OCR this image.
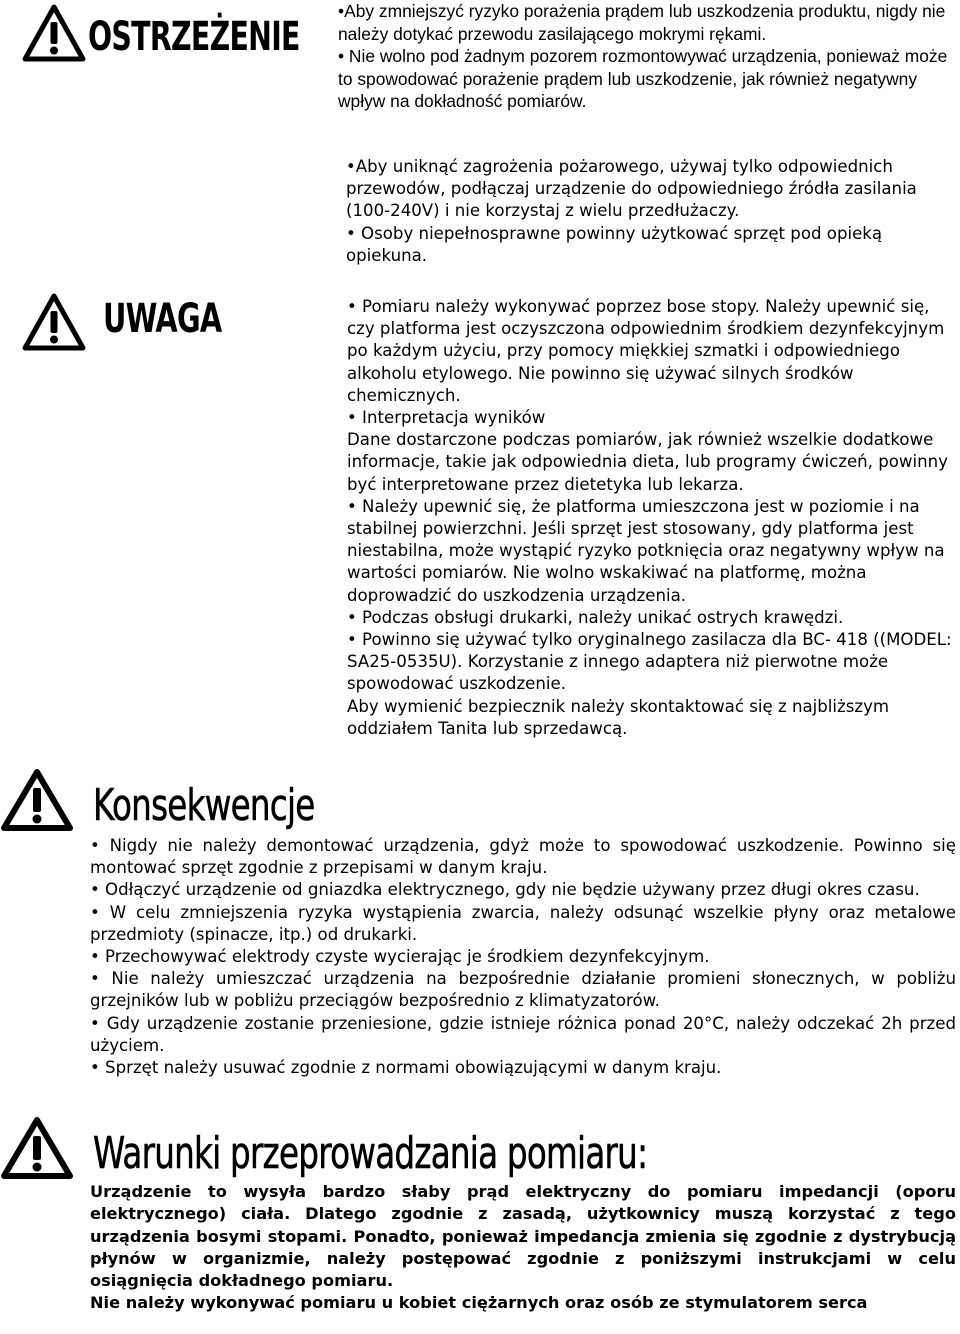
OSTRZEŻENIE

•Aby zmniejszyć ryzyko porażenia prądem lub uszkodzenia produktu, nigdy nie należy dotykać przewodu zasilającego mokrymi rękami.

• Nie wolno pod żadnym pozorem rozmontowywać urządzenia, ponieważ może to spowodować porażenie prądem lub uszkodzenie, jak również negatywny wpływ na dokładność pomiarów.

•Aby uniknąć zagrożenia pożarowego, używaj tylko odpowiednich przewodów, podłączaj urządzenie do odpowiedniego źródła zasilania (100-240V) i nie korzystaj z wielu przedłużaczy.

• Osoby niepełnosprawne powinny użytkować sprzęt pod opieką opiekuna.

UWAGA	• Pomiaru należy wykonywać poprzez bose stopy. Należy upewnić się, czy platforma jest oczyszczona odpowiednim środkiem dezynfekcyjnym po każdym użyciu, przy pomocy miękkiej szmatki i odpowiedniego alkoholu etylowego. Nie powinno się używać silnych środków chemicznych.

• Interpretacja wyników

Dane dostarczone podczas pomiarów, jak również wszelkie dodatkowe informacje, takie jak odpowiednia dieta, lub programy ćwiczeń, powinny być interpretowane przez dietetyka lub lekarza.

• Należy upewnić się, że platforma umieszczona jest w poziomie i na stabilnej powierzchni. Jeśli sprzęt jest stosowany, gdy platforma jest niestabilna, może wystąpić ryzyko potknięcia oraz negatywny wpływ na wartości pomiarów. Nie wolno wskakiwać na platformę, można doprowadzić do uszkodzenia urządzenia.

• Podczas obsługi drukarki, należy unikać ostrych krawędzi.

• Powinno się używać tylko oryginalnego zasilacza dla BC- 418 ((MODEL: SA25-0535U). Korzystanie z innego adaptera niż pierwotne może spowodować uszkodzenie.

Aby wymienić bezpiecznik należy skontaktować się z najbliższym oddziałem Tanita lub sprzedawcą.

Konsekwencje

• Nigdy nie należy demontować urządzenia, gdyż może to spowodować uszkodzenie. Powinno się montować sprzęt zgodnie z przepisami w danym kraju.

• Odłączyć urządzenie od gniazdka elektrycznego, gdy nie będzie używany przez długi okres czasu.

• W celu zmniejszenia ryzyka wystąpienia zwarcia, należy odsunąć wszelkie płyny oraz metalowe przedmioty (spinacze, itp.) od drukarki.

• Przechowywać elektrody czyste wycierając je środkiem dezynfekcyjnym.

• Nie należy umieszczać urządzenia na bezpośrednie działanie promieni słonecznych, w pobliżu grzejników lub w pobliżu przeciągów bezpośrednio z klimatyzatorów.

• Gdy urządzenie zostanie przeniesione, gdzie istnieje różnica ponad 20°C, należy odczekać 2h przed użyciem.

• Sprzęt należy usuwać zgodnie z normami obowiązującymi w danym kraju.

Warunki przeprowadzania pomiaru:

Urządzenie to wysyła bardzo słaby prąd elektryczny do pomiaru impedancji (oporu elektrycznego) ciała. Dlatego zgodnie z zasadą, użytkownicy muszą korzystać z tego urządzenia bosymi stopami. Ponadto, ponieważ impedancja zmienia się zgodnie z dystrybucją płynów w organizmie, należy postępować zgodnie z poniższymi instrukcjami w celu osiągnięcia dokładnego pomiaru.

Nie należy wykonywać pomiaru u kobiet ciężarnych oraz osób ze stymulatorem serca
